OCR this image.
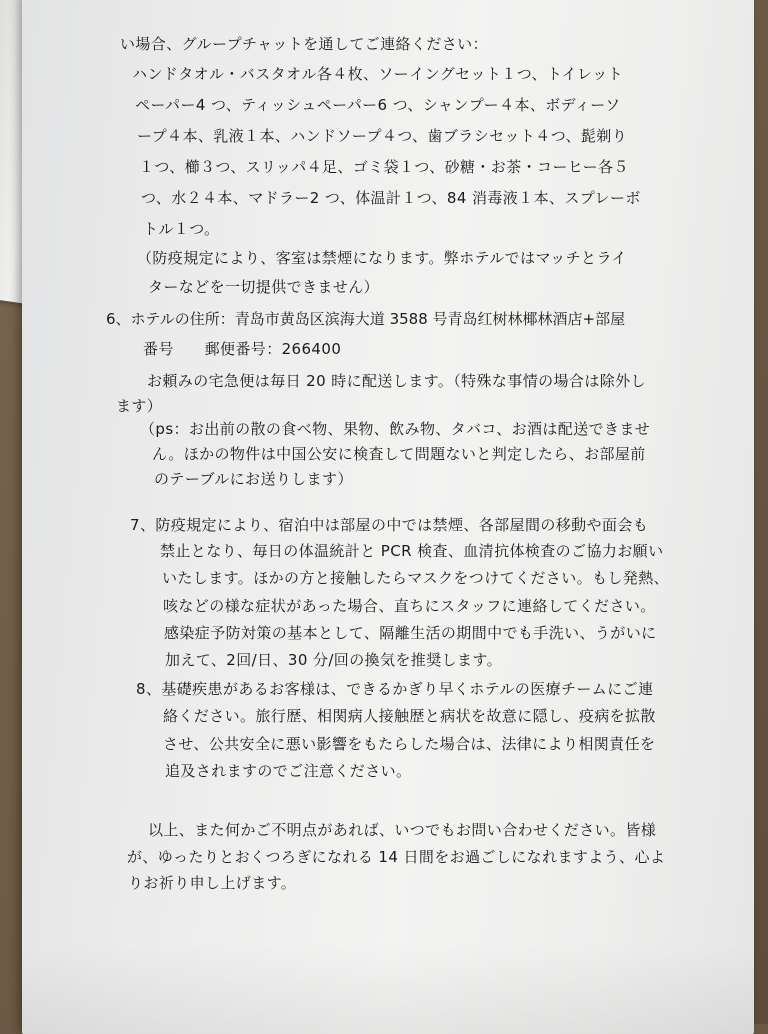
い場合、グループチャットを通してご連絡ください：
ハンドタオル・バスタオル各４枚、ソーイングセット１つ、トイレット
ペーパー4 つ、ティッシュペーパー6 つ、シャンプー４本、ボディーソ
ープ４本、乳液１本、ハンドソープ４つ、歯ブラシセット４つ、髭剃り
１つ、櫛３つ、スリッパ４足、ゴミ袋１つ、砂糖・お茶・コーヒー各５
つ、水２４本、マドラー2 つ、体温計１つ、84 消毒液１本、スプレーボ
トル１つ。
（防疫規定により、客室は禁煙になります。弊ホテルではマッチとライ
ターなどを一切提供できません）
6、ホテルの住所：青岛市黄岛区滨海大道 3588 号青岛红树林椰林酒店+部屋
番号　　郵便番号：266400
お頼みの宅急便は毎日 20 時に配送します。（特殊な事情の場合は除外し
ます）
（ps：お出前の散の食べ物、果物、飲み物、タバコ、お酒は配送できませ
ん。ほかの物件は中国公安に検査して問題ないと判定したら、お部屋前
のテーブルにお送りします）
7、防疫規定により、宿泊中は部屋の中では禁煙、各部屋間の移動や面会も
禁止となり、毎日の体温統計と PCR 検査、血清抗体検査のご協力お願い
いたします。ほかの方と接触したらマスクをつけてください。もし発熱、
咳などの様な症状があった場合、直ちにスタッフに連絡してください。
感染症予防対策の基本として、隔離生活の期間中でも手洗い、うがいに
加えて、2回/日、30 分/回の換気を推奨します。
8、基礎疾患があるお客様は、できるかぎり早くホテルの医療チームにご連
絡ください。旅行歴、相関病人接触歴と病状を故意に隠し、疫病を拡散
させ、公共安全に悪い影響をもたらした場合は、法律により相関責任を
追及されますのでご注意ください。
以上、また何かご不明点があれば、いつでもお問い合わせください。皆様
が、ゆったりとおくつろぎになれる 14 日間をお過ごしになれますよう、心よ
りお祈り申し上げます。
